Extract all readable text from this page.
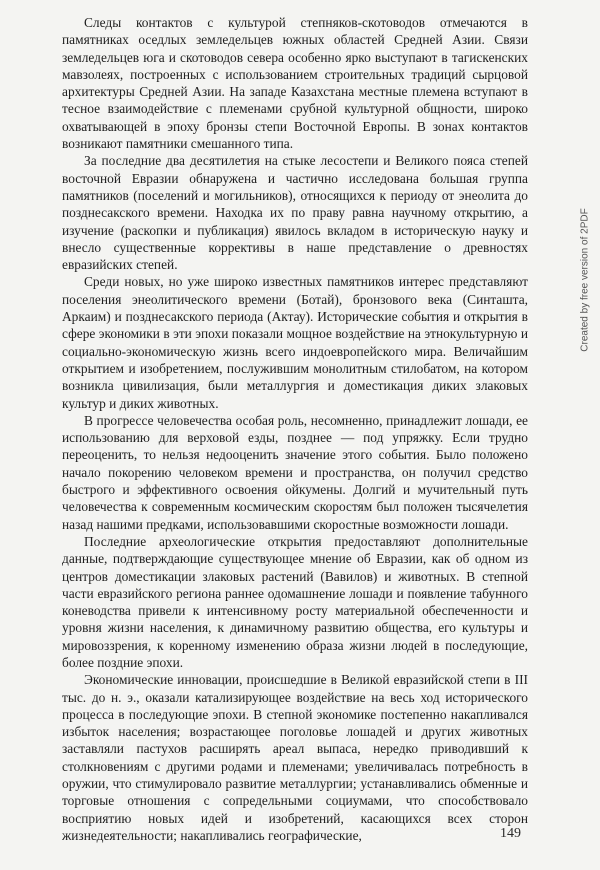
Следы контактов с культурой степняков-скотоводов отмечаются в памятниках оседлых земледельцев южных областей Средней Азии. Связи земледельцев юга и скотоводов севера особенно ярко выступают в тагискенских мавзолеях, построенных с использованием строительных традиций сырцовой архитектуры Средней Азии. На западе Казахстана местные племена вступают в тесное взаимодействие с племенами срубной культурной общности, широко охватывающей в эпоху бронзы степи Восточной Европы. В зонах контактов возникают памятники смешанного типа.

За последние два десятилетия на стыке лесостепи и Великого пояса степей восточной Евразии обнаружена и частично исследована большая группа памятников (поселений и могильников), относящихся к периоду от энеолита до позднесакского времени. Находка их по праву равна научному открытию, а изучение (раскопки и публикация) явилось вкладом в историческую науку и внесло существенные коррективы в наше представление о древностях евразийских степей.

Среди новых, но уже широко известных памятников интерес представляют поселения энеолитического времени (Ботай), бронзового века (Синташта, Аркаим) и позднесакского периода (Актау). Исторические события и открытия в сфере экономики в эти эпохи показали мощное воздействие на этнокультурную и социально-экономическую жизнь всего индоевропейского мира. Величайшим открытием и изобретением, послужившим монолитным стилобатом, на котором возникла цивилизация, были металлургия и доместикация диких злаковых культур и диких животных.

В прогрессе человечества особая роль, несомненно, принадлежит лошади, ее использованию для верховой езды, позднее — под упряжку. Если трудно переоценить, то нельзя недооценить значение этого события. Было положено начало покорению человеком времени и пространства, он получил средство быстрого и эффективного освоения ойкумены. Долгий и мучительный путь человечества к современным космическим скоростям был положен тысячелетия назад нашими предками, использовавшими скоростные возможности лошади.

Последние археологические открытия предоставляют дополнительные данные, подтверждающие существующее мнение об Евразии, как об одном из центров доместикации злаковых растений (Вавилов) и животных. В степной части евразийского региона раннее одомашнение лошади и появление табунного коневодства привели к интенсивному росту материальной обеспеченности и уровня жизни населения, к динамичному развитию общества, его культуры и мировоззрения, к коренному изменению образа жизни людей в последующие, более поздние эпохи.

Экономические инновации, происшедшие в Великой евразийской степи в III тыс. до н. э., оказали катализирующее воздействие на весь ход исторического процесса в последующие эпохи. В степной экономике постепенно накапливался избыток населения; возрастающее поголовье лошадей и других животных заставляли пастухов расширять ареал выпаса, нередко приводивший к столкновениям с другими родами и племенами; увеличивалась потребность в оружии, что стимулировало развитие металлургии; устанавливались обменные и торговые отношения с сопредельными социумами, что способствовало восприятию новых идей и изобретений, касающихся всех сторон жизнедеятельности; накапливались географические,	149
Created by free version of 2PDF
